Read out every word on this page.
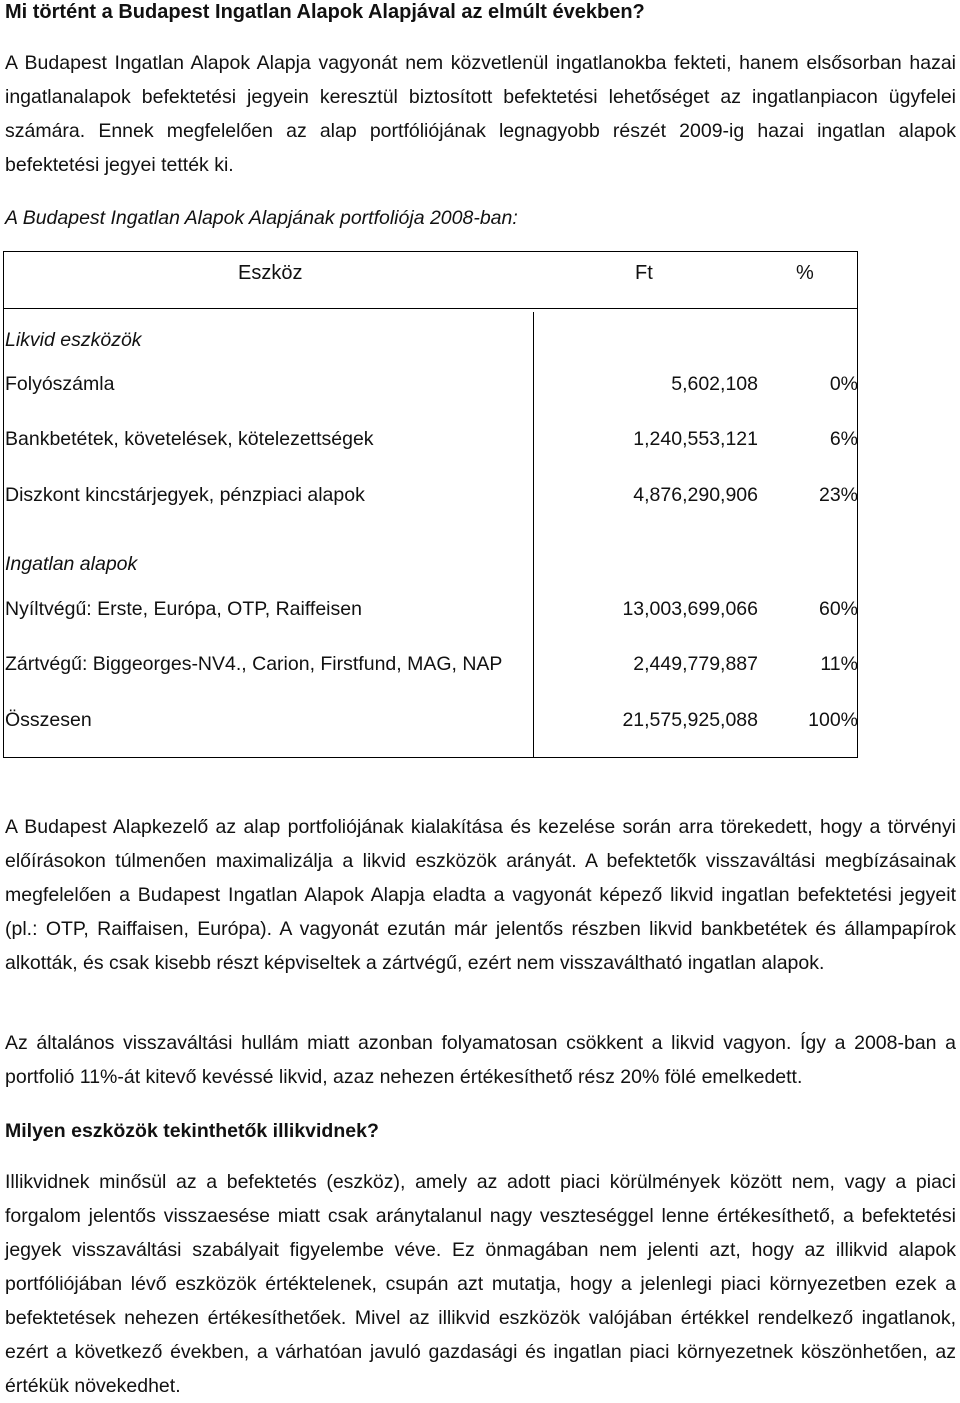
Mi történt a Budapest Ingatlan Alapok Alapjával az elmúlt években?
A Budapest Ingatlan Alapok Alapja vagyonát nem közvetlenül ingatlanokba fekteti, hanem elsősorban hazai ingatlanalapok befektetési jegyein keresztül biztosított befektetési lehetőséget az ingatlanpiacon ügyfelei számára. Ennek megfelelően az alap portfóliójának legnagyobb részét 2009-ig hazai ingatlan alapok befektetési jegyei tették ki.
A Budapest Ingatlan Alapok Alapjának portfoliója 2008-ban:
Eszköz	Ft	%
Likvid eszközök
Folyószámla	5,602,108	0%
Bankbetétek, követelések, kötelezettségek	1,240,553,121	6%
Diszkont kincstárjegyek, pénzpiaci alapok	4,876,290,906	23%
Ingatlan alapok
Nyíltvégű: Erste, Európa, OTP, Raiffeisen	13,003,699,066	60%
Zártvégű: Biggeorges-NV4., Carion, Firstfund, MAG, NAP	2,449,779,887	11%
Összesen	21,575,925,088	100%
A Budapest Alapkezelő az alap portfoliójának kialakítása és kezelése során arra törekedett, hogy a törvényi előírásokon túlmenően maximalizálja a likvid eszközök arányát. A befektetők visszaváltási megbízásainak megfelelően a Budapest Ingatlan Alapok Alapja eladta a vagyonát képező likvid ingatlan befektetési jegyeit (pl.: OTP, Raiffaisen, Európa). A vagyonát ezután már jelentős részben likvid bankbetétek és állampapírok alkották, és csak kisebb részt képviseltek a zártvégű, ezért nem visszaváltható ingatlan alapok.
Az általános visszaváltási hullám miatt azonban folyamatosan csökkent a likvid vagyon. Így a 2008-ban a portfolió 11%-át kitevő kevéssé likvid, azaz nehezen értékesíthető rész 20% fölé emelkedett.
Milyen eszközök tekinthetők illikvidnek?
Illikvidnek minősül az a befektetés (eszköz), amely az adott piaci körülmények között nem, vagy a piaci forgalom jelentős visszaesése miatt csak aránytalanul nagy veszteséggel lenne értékesíthető, a befektetési jegyek visszaváltási szabályait figyelembe véve. Ez önmagában nem jelenti azt, hogy az illikvid alapok portfóliójában lévő eszközök értéktelenek, csupán azt mutatja, hogy a jelenlegi piaci környezetben ezek a befektetések nehezen értékesíthetőek. Mivel az illikvid eszközök valójában értékkel rendelkező ingatlanok, ezért a következő években, a várhatóan javuló gazdasági és ingatlan piaci környezetnek köszönhetően, az értékük növekedhet.
